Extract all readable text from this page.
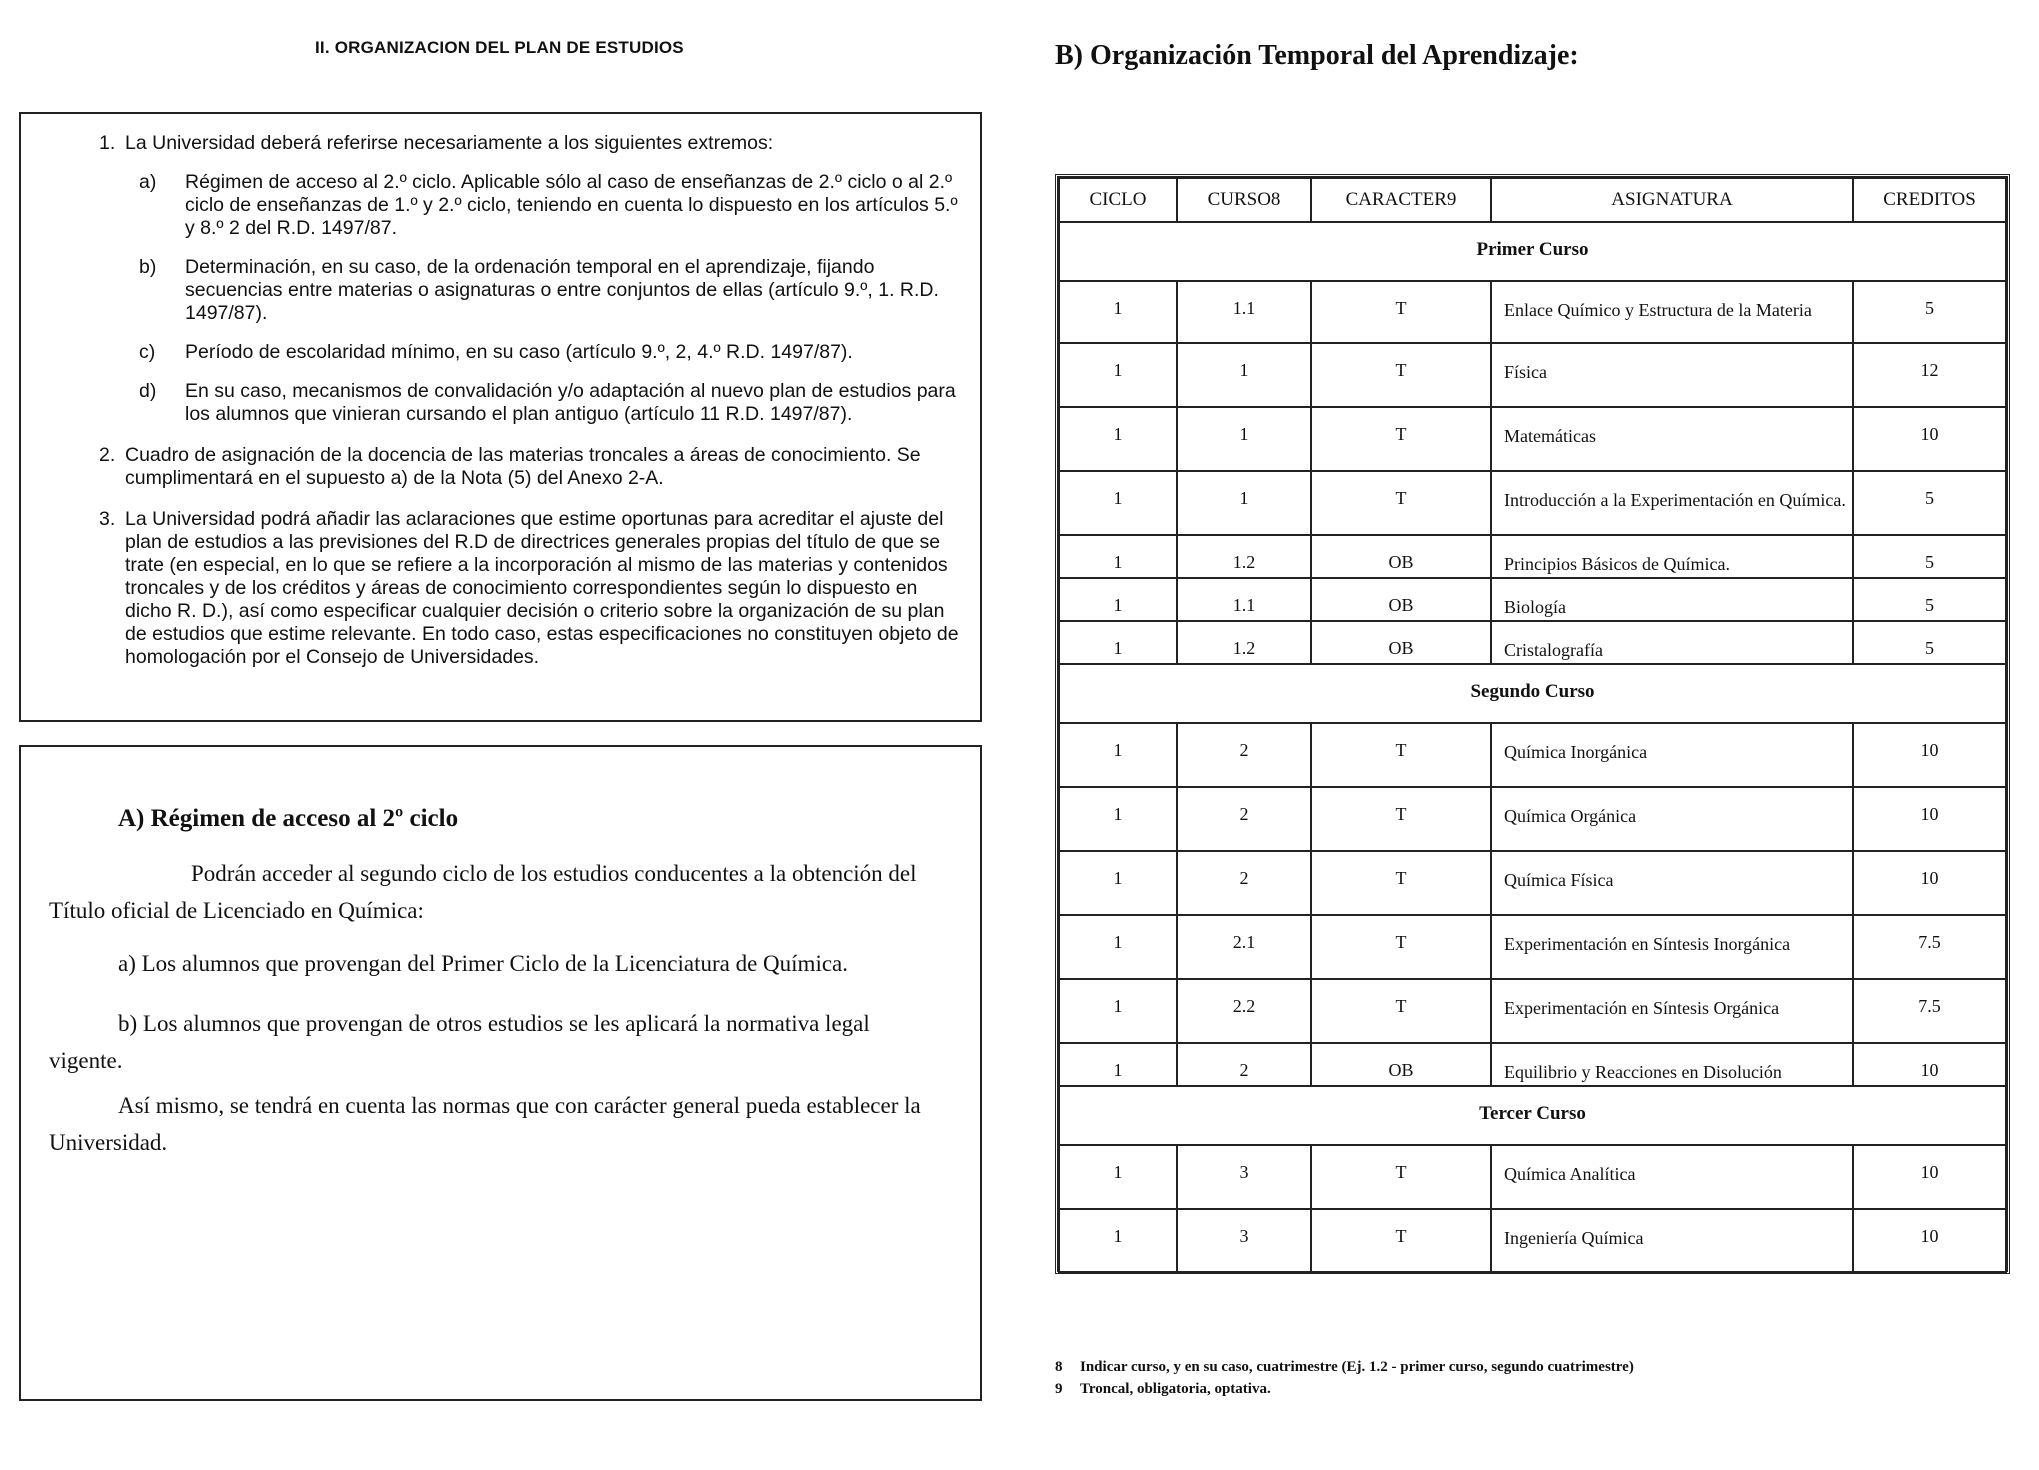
II. ORGANIZACION DEL PLAN DE ESTUDIOS
1. La Universidad deberá referirse necesariamente a los siguientes extremos:
a) Régimen de acceso al 2.º ciclo. Aplicable sólo al caso de enseñanzas de 2.º ciclo o al 2.º ciclo de enseñanzas de 1.º y 2.º ciclo, teniendo en cuenta lo dispuesto en los artículos 5.º y 8.º 2 del R.D. 1497/87.
b) Determinación, en su caso, de la ordenación temporal en el aprendizaje, fijando secuencias entre materias o asignaturas o entre conjuntos de ellas (artículo 9.º, 1. R.D. 1497/87).
c) Período de escolaridad mínimo, en su caso (artículo 9.º, 2, 4.º R.D. 1497/87).
d) En su caso, mecanismos de convalidación y/o adaptación al nuevo plan de estudios para los alumnos que vinieran cursando el plan antiguo (artículo 11 R.D. 1497/87).
2. Cuadro de asignación de la docencia de las materias troncales a áreas de conocimiento. Se cumplimentará en el supuesto a) de la Nota (5) del Anexo 2-A.
3. La Universidad podrá añadir las aclaraciones que estime oportunas para acreditar el ajuste del plan de estudios a las previsiones del R.D de directrices generales propias del título de que se trate (en especial, en lo que se refiere a la incorporación al mismo de las materias y contenidos troncales y de los créditos y áreas de conocimiento correspondientes según lo dispuesto en dicho R. D.), así como especificar cualquier decisión o criterio sobre la organización de su plan de estudios que estime relevante. En todo caso, estas especificaciones no constituyen objeto de homologación por el Consejo de Universidades.
A) Régimen de acceso al 2º ciclo

Podrán acceder al segundo ciclo de los estudios conducentes a la obtención del Título oficial de Licenciado en Química:

a) Los alumnos que provengan del Primer Ciclo de la Licenciatura de Química.

b) Los alumnos que provengan de otros estudios se les aplicará la normativa legal vigente.

Así mismo, se tendrá en cuenta las normas que con carácter general pueda establecer la Universidad.

B) Organización Temporal del Aprendizaje:
CICLO	CURSO8	CARACTER9	ASIGNATURA	CREDITOS
Primer Curso				
1	1.1	T	Enlace Químico y Estructura de la Materia	5
1	1	T	Física	12
1	1	T	Matemáticas	10
1	1	T	Introducción a la Experimentación en Química.	5
1	1.2	OB	Principios Básicos de Química.	5
1	1.1	OB	Biología	5
1	1.2	OB	Cristalografía	5
Segundo Curso				
1	2	T	Química Inorgánica	10
1	2	T	Química Orgánica	10
1	2	T	Química Física	10
1	2.1	T	Experimentación en Síntesis Inorgánica	7.5
1	2.2	T	Experimentación en Síntesis Orgánica	7.5
1	2	OB	Equilibrio y Reacciones en Disolución	10
Tercer Curso				
1	3	T	Química Analítica	10
1	3	T	Ingeniería Química	10
8 Indicar curso, y en su caso, cuatrimestre (Ej. 1.2 - primer curso, segundo cuatrimestre)
9 Troncal, obligatoria, optativa.
